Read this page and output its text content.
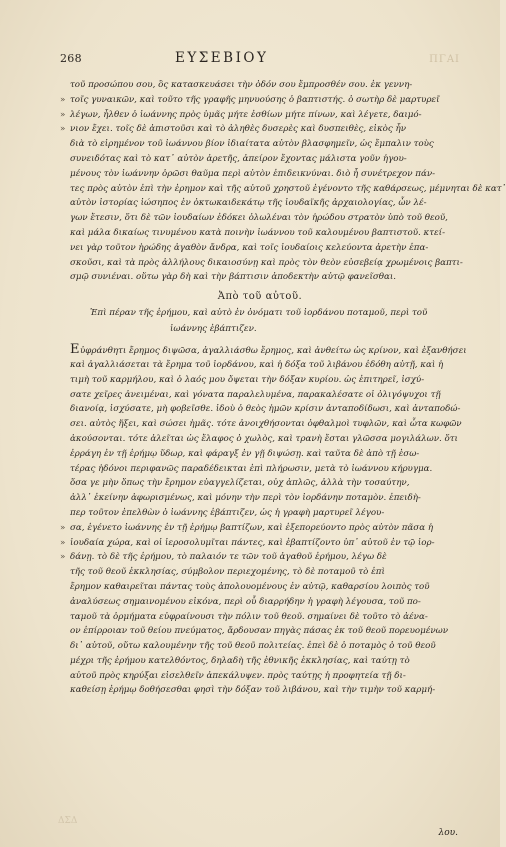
268	ΕΥΣΕΒΙΟΥ	ΠΓΑΙ
τοῦ προσώπου σου, ὃς κατασκευάσει τὴν ὁδόν σου ἔμπροσθέν σου. ἐκ γεννη-
» τοῖς γυναικῶν, καὶ τοῦτο τῆς γραφῆς μηνυούσης ὁ βαπτιστής. ὁ σωτὴρ δὲ μαρτυρεῖ
» λέγων, ἦλθεν ὁ ἰωάννης πρὸς ὑμᾶς μήτε ἐσθίων μήτε πίνων, καὶ λέγετε, δαιμό-
» νιον ἔχει. τοῖς δὲ ἀπιστοῦσι καὶ τὸ ἀληθὲς δυσερὲς καὶ δυσπειθὲς, εἰκὸς ἦν
διὰ τὸ εἰρημένον τοῦ ἰωάννου βίον ἰδιαίτατα αὐτὸν βλασφημεῖν, ὡς ἔμπαλιν τοὺς
συνειδότας καὶ τὸ κατ᾽ αὐτὸν ἀρετῆς, ἀπείρον ἔχοντας μάλιστα γοῦν ἡγου-
μένους τὸν ἰωάννην ὁρῶσι θαῦμα περὶ αὐτὸν ἐπιδεικνύναι. διὸ ἦ συνέτρεχον πάν-
τες πρὸς αὐτὸν ἐπὶ τὴν ἐρημον καὶ τῆς αὐτοῦ χρηστοῦ ἐγένοντο τῆς καθάρσεως, μέμνηται δὲ κατ᾽
αὐτὸν ἱστορίας ἰώσηπος ἐν ὀκτωκαιδεκάτῳ τῆς ἰουδαϊκῆς ἀρχαιολογίας, ὧν λέ-
γων ἔτεσιν, ὅτι δὲ τῶν ἰουδαίων ἐδόκει ὀλωλέναι τὸν ἡρώδου στρατὸν ὑπὸ τοῦ θεοῦ,
καὶ μάλα δικαίως τινυμένου κατὰ ποινὴν ἰωάννου τοῦ καλουμένου βαπτιστοῦ. κτεί-
νει γὰρ τοῦτον ἡρώδης ἀγαθὸν ἄνδρα, καὶ τοῖς ἰουδαίοις κελεύοντα ἀρετὴν ἐπα-
σκοῦσι, καὶ τὰ πρὸς ἀλλήλους δικαιοσύνῃ καὶ πρὸς τὸν θεὸν εὐσεβείᾳ χρωμένοις βαπτι-
σμῷ συνιέναι. οὕτω γὰρ δὴ καὶ τὴν βάπτισιν ἀποδεκτὴν αὐτῷ φανεῖσθαι.
Ἀπὸ τοῦ αὐτοῦ.
Ἐπὶ πέραν τῆς ἐρήμου, καὶ αὐτὸ ἐν ὀνόματι τοῦ ἰορδάνου ποταμοῦ, περὶ τοῦ
ἰωάννης ἐβάπτιζεν.
Εὐφράνθητι ἔρημος διψῶσα, ἀγαλλιάσθω ἔρημος, καὶ ἀνθείτω ὡς κρίνον, καὶ ἐξανθήσει
καὶ ἀγαλλιάσεται τὰ ἔρημα τοῦ ἰορδάνου, καὶ ἡ δόξα τοῦ λιβάνου ἐδόθη αὐτῇ, καὶ ἡ
τιμὴ τοῦ καρμήλου, καὶ ὁ λαός μου ὄψεται τὴν δόξαν κυρίου. ὡς ἐπιτηρεῖ, ἰσχύ-
σατε χεῖρες ἀνειμέναι, καὶ γόνατα παραλελυμένα, παρακαλέσατε οἱ ὀλιγόψυχοι τῇ
διανοίᾳ, ἰσχύσατε, μὴ φοβεῖσθε. ἰδοὺ ὁ θεὸς ἡμῶν κρίσιν ἀνταποδίδωσι, καὶ ἀνταποδώ-
σει. αὐτὸς ἥξει, καὶ σώσει ἡμᾶς. τότε ἀνοιχθήσονται ὀφθαλμοὶ τυφλῶν, καὶ ὦτα κωφῶν
ἀκούσονται. τότε ἁλεῖται ὡς ἔλαφος ὁ χωλὸς, καὶ τρανὴ ἔσται γλῶσσα μογιλάλων. ὅτι
ἐρράγη ἐν τῇ ἐρήμῳ ὕδωρ, καὶ φάραγξ ἐν γῇ διψώσῃ. καὶ ταῦτα δὲ ἀπὸ τῇ ἐσω-
τέρας ἠδόνοι περιφανῶς παραδέδεικται ἐπὶ πλήρωσιν, μετὰ τὸ ἰωάννου κήρυγμα.
ὅσα γε μὴν ὅπως τὴν ἔρημον εὐαγγελίζεται, οὐχ ἁπλῶς, ἀλλὰ τὴν τοσαύτην,
ἀλλ᾽ ἐκείνην ἀφωρισμένως, καὶ μόνην τὴν περὶ τὸν ἰορδάνην ποταμὸν. ἐπειδὴ-
περ τοῦτον ἐπελθὼν ὁ ἰωάννης ἐβάπτιζεν, ὡς ἡ γραφὴ μαρτυρεῖ λέγου-
» σα, ἐγένετο ἰωάννης ἐν τῇ ἐρήμῳ βαπτίζων, καὶ ἐξεπορεύοντο πρὸς αὐτὸν πᾶσα ἡ
» ἰουδαία χώρα, καὶ οἱ ἱεροσολυμῖται πάντες, καὶ ἐβαπτίζοντο ὑπ᾽ αὐτοῦ ἐν τῷ ἰορ-
» δάνῃ. τὸ δὲ τῆς ἐρήμου, τὸ παλαιόν τε τῶν τοῦ ἀγαθοῦ ἐρήμου, λέγω δὲ
τῆς τοῦ θεοῦ ἐκκλησίας, σύμβολον περιεχομένης, τὸ δὲ ποταμοῦ τὸ ἐπὶ
ἔρημον καθαιρεῖται πάντας τοὺς ἀπολουομένους ἐν αὐτῷ, καθαρσίου λοιπὸς τοῦ
ἀναλύσεως σημαινομένου εἰκόνα, περὶ οὗ διαρρήδην ἡ γραφὴ λέγουσα, τοῦ πο-
ταμοῦ τὰ ὁρμήματα εὐφραίνουσι τὴν πόλιν τοῦ θεοῦ. σημαίνει δὲ τοῦτο τὸ ἀένα-
ον ἐπίρροιαν τοῦ θείου πνεύματος, ἄρδουσαν πηγὰς πάσας ἐκ τοῦ θεοῦ πορευομένων
δι᾽ αὐτοῦ, οὕτω καλουμένην τῆς τοῦ θεοῦ πολιτείας. ἐπεὶ δὲ ὁ ποταμὸς ὁ τοῦ θεοῦ
μέχρι τῆς ἐρήμου κατελθόντος, δηλαδὴ τῆς ἐθνικῆς ἐκκλησίας, καὶ ταύτῃ τὸ
αὐτοῦ πρὸς κηρύξαι εἰσελθεῖν ἀπεκάλυψεν. πρὸς ταύτῃς ἡ προφητεία τῇ δι-
καθείσῃ ἐρήμῳ δοθήσεσθαι φησὶ τὴν δόξαν τοῦ λιβάνου, καὶ τὴν τιμὴν τοῦ καρμή-
ΔΣΔ
λου.
